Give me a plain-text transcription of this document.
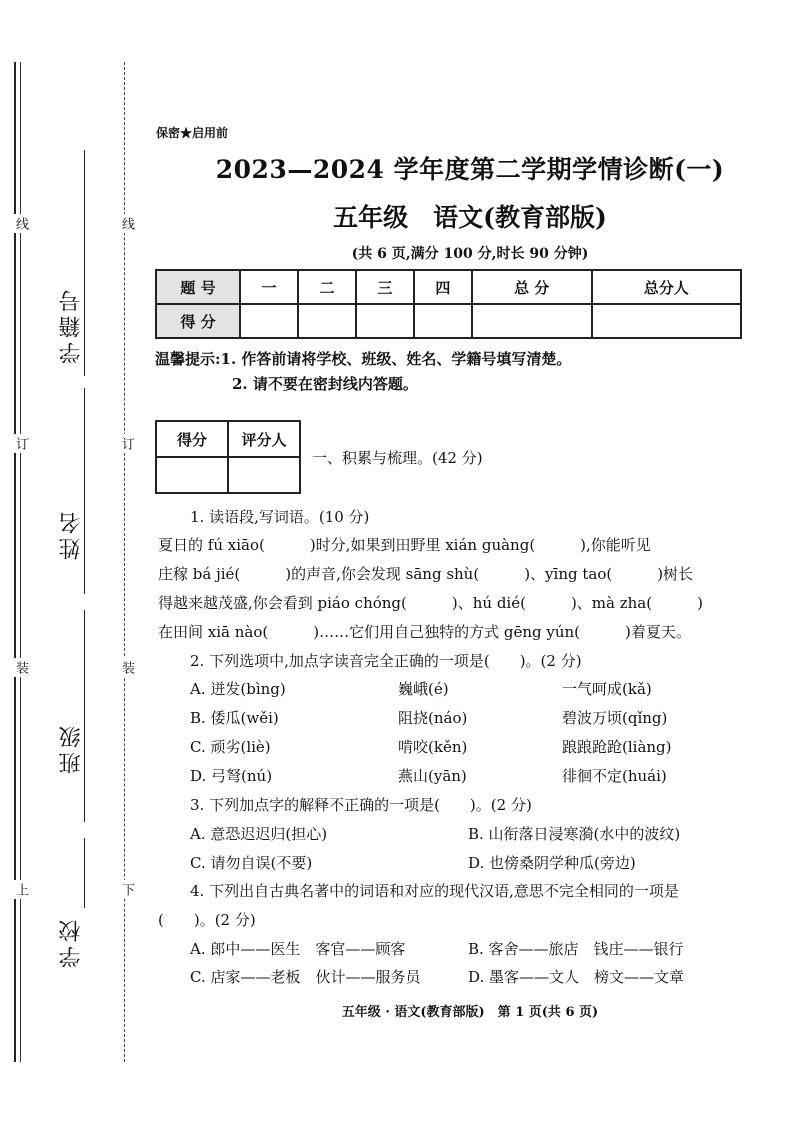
线
订
装
上
线
订
装
下
学籍号
姓名
班级
学校
保密★启用前
2023—2024 学年度第二学期学情诊断(一)
五年级　语文(教育部版)
(共 6 页,满分 100 分,时长 90 分钟)
题 号	一	二	三	四	总 分	总分人
得 分						
温馨提示:1. 作答前请将学校、班级、姓名、学籍号填写清楚。
2. 请不要在密封线内答题。
得分	评分人

一、积累与梳理。(42 分)
1. 读语段,写词语。(10 分)
夏日的 fú xiāo(　　　)时分,如果到田野里 xián guàng(　　　),你能听见
庄稼 bá jié(　　　)的声音,你会发现 sāng shù(　　　)、yīng tao(　　　)树长
得越来越茂盛,你会看到 piáo chóng(　　　)、hú dié(　　　)、mà zha(　　　)
在田间 xiā nào(　　　)……它们用自己独特的方式 gēng yún(　　　)着夏天。
2. 下列选项中,加点字读音完全正确的一项是(　　)。(2 分)
A. 迸发(bìng)	巍峨(é)	一气呵成(kǎ)
B. 倭瓜(wěi)	阻挠(náo)	碧波万顷(qǐng)
C. 顽劣(liè)	啃咬(kěn)	踉踉跄跄(liàng)
D. 弓弩(nú)	燕山(yān)	徘徊不定(huái)
3. 下列加点字的解释不正确的一项是(　　)。(2 分)
A. 意恐迟迟归(担心)	B. 山衔落日浸寒漪(水中的波纹)
C. 请勿自误(不要)	D. 也傍桑阴学种瓜(旁边)
4. 下列出自古典名著中的词语和对应的现代汉语,意思不完全相同的一项是
(　　)。(2 分)
A. 郎中——医生　客官——顾客	B. 客舍——旅店　钱庄——银行
C. 店家——老板　伙计——服务员	D. 墨客——文人　榜文——文章
五年级 · 语文(教育部版)　第 1 页(共 6 页)
